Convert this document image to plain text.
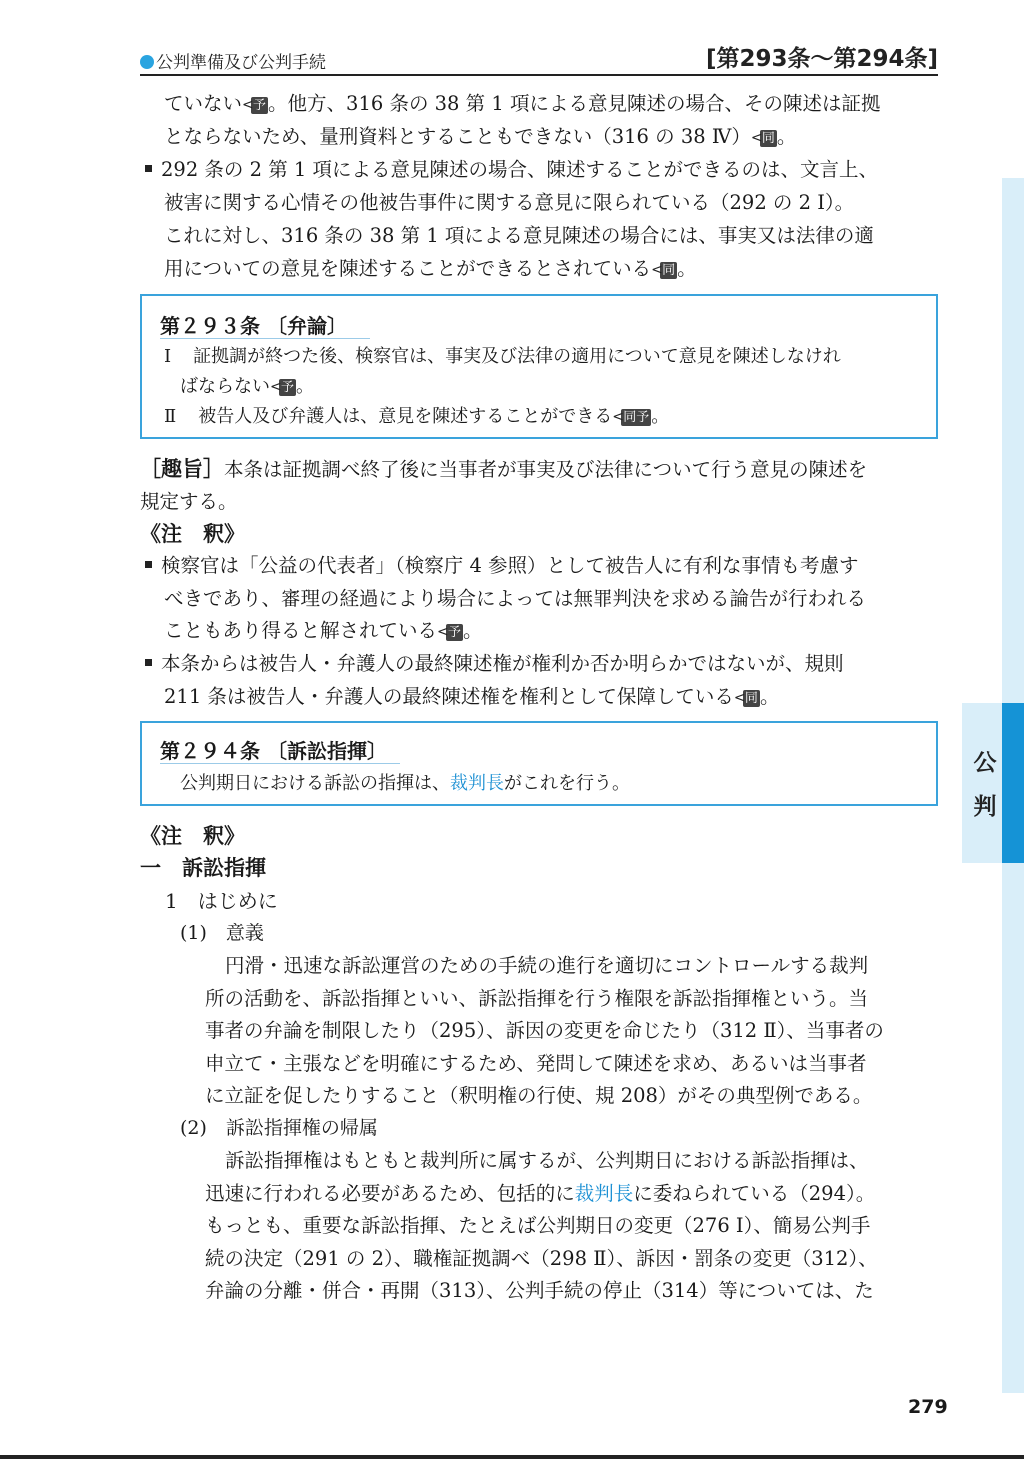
公判準備及び公判手続	[第293条～第294条]
公
判
ていない < 予 。他方、316 条の 38 第 1 項による意見陳述の場合、その陳述は証拠
とならないため、量刑資料とすることもできない（316 の 38 Ⅳ） < 同 。
292 条の 2 第 1 項による意見陳述の場合、陳述することができるのは、文言上、
被害に関する心情その他被告事件に関する意見に限られている（292 の 2 Ⅰ）。
これに対し、316 条の 38 第 1 項による意見陳述の場合には、事実又は法律の適
用についての意見を陳述することができるとされている < 同 。
第２９３条 〔弁論〕
Ⅰ 証拠調が終つた後、検察官は、事実及び法律の適用について意見を陳述しなけれ
ばならない < 予 。
Ⅱ 被告人及び弁護人は、意見を陳述することができる < 同予 。
［趣旨］本条は証拠調べ終了後に当事者が事実及び法律について行う意見の陳述を
規定する。
《注　釈》
検察官は「公益の代表者」（検察庁 4 参照）として被告人に有利な事情も考慮す
べきであり、審理の経過により場合によっては無罪判決を求める論告が行われる
こともあり得ると解されている < 予 。
本条からは被告人・弁護人の最終陳述権が権利か否か明らかではないが、規則
211 条は被告人・弁護人の最終陳述権を権利として保障している < 同 。
第２９４条 〔訴訟指揮〕
公判期日における訴訟の指揮は、裁判長がこれを行う。
《注　釈》
一　訴訟指揮
1　はじめに
(1)　意義
円滑・迅速な訴訟運営のための手続の進行を適切にコントロールする裁判
所の活動を、訴訟指揮といい、訴訟指揮を行う権限を訴訟指揮権という。当
事者の弁論を制限したり（295）、訴因の変更を命じたり（312 Ⅱ）、当事者の
申立て・主張などを明確にするため、発問して陳述を求め、あるいは当事者
に立証を促したりすること（釈明権の行使、規 208）がその典型例である。
(2)　訴訟指揮権の帰属
訴訟指揮権はもともと裁判所に属するが、公判期日における訴訟指揮は、
迅速に行われる必要があるため、包括的に裁判長に委ねられている（294）。
もっとも、重要な訴訟指揮、たとえば公判期日の変更（276 Ⅰ）、簡易公判手
続の決定（291 の 2）、職権証拠調べ（298 Ⅱ）、訴因・罰条の変更（312）、
弁論の分離・併合・再開（313）、公判手続の停止（314）等については、た
279
